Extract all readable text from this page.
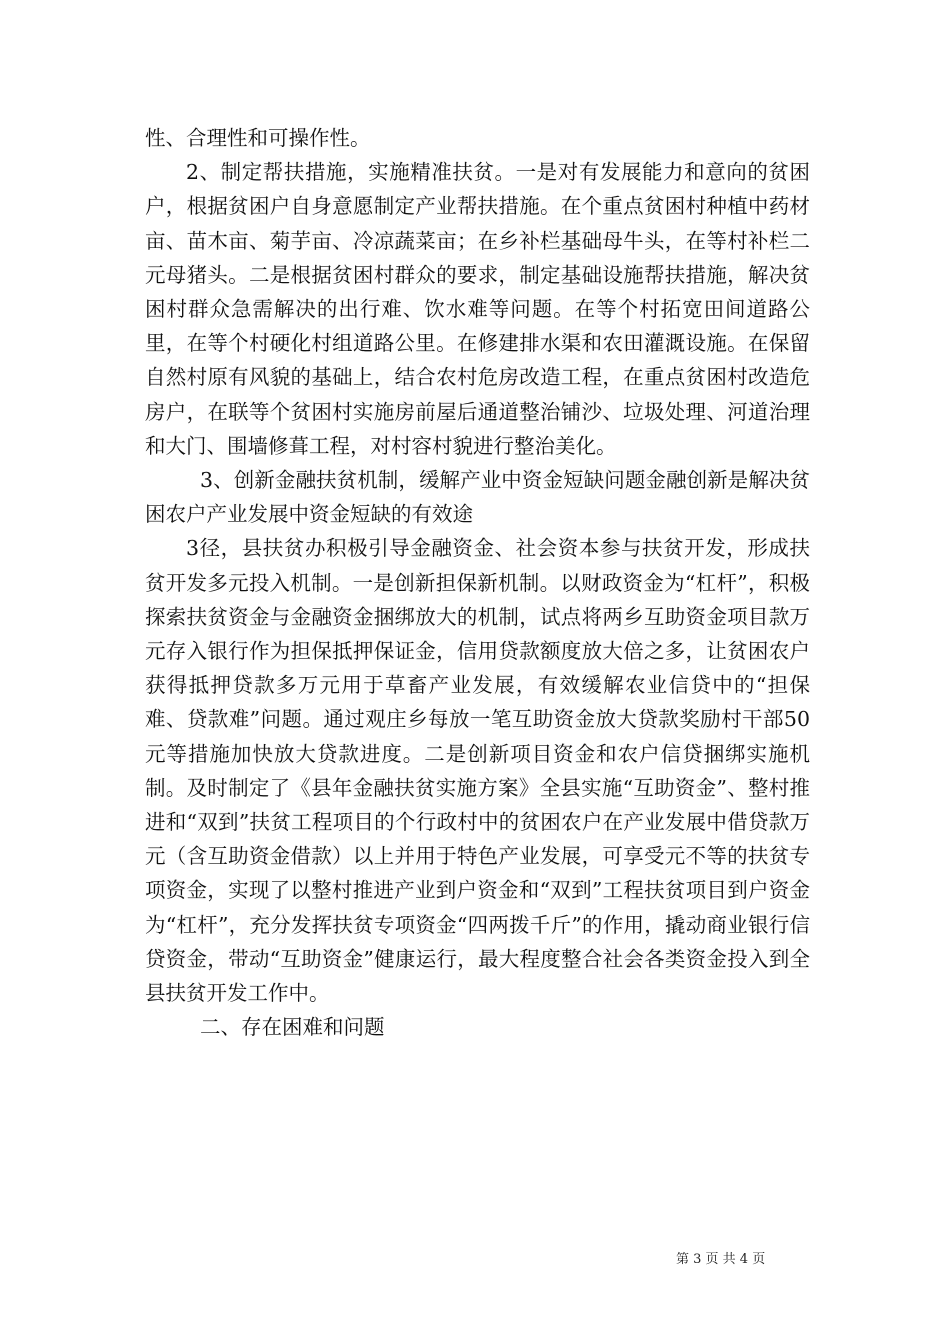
性、合理性和可操作性。

2、制定帮扶措施，实施精准扶贫。一是对有发展能力和意向的贫困户，根据贫困户自身意愿制定产业帮扶措施。在个重点贫困村种植中药材亩、苗木亩、菊芋亩、冷凉蔬菜亩；在乡补栏基础母牛头，在等村补栏二元母猪头。二是根据贫困村群众的要求，制定基础设施帮扶措施，解决贫困村群众急需解决的出行难、饮水难等问题。在等个村拓宽田间道路公里，在等个村硬化村组道路公里。在修建排水渠和农田灌溉设施。在保留自然村原有风貌的基础上，结合农村危房改造工程，在重点贫困村改造危房户，在联等个贫困村实施房前屋后通道整治铺沙、垃圾处理、河道治理和大门、围墙修葺工程，对村容村貌进行整治美化。

3、创新金融扶贫机制，缓解产业中资金短缺问题金融创新是解决贫困农户产业发展中资金短缺的有效途

3径，县扶贫办积极引导金融资金、社会资本参与扶贫开发，形成扶贫开发多元投入机制。一是创新担保新机制。以财政资金为“杠杆”，积极探索扶贫资金与金融资金捆绑放大的机制，试点将两乡互助资金项目款万元存入银行作为担保抵押保证金，信用贷款额度放大倍之多，让贫困农户获得抵押贷款多万元用于草畜产业发展，有效缓解农业信贷中的“担保难、贷款难”问题。通过观庄乡每放一笔互助资金放大贷款奖励村干部50元等措施加快放大贷款进度。二是创新项目资金和农户信贷捆绑实施机制。及时制定了《县年金融扶贫实施方案》全县实施“互助资金”、整村推进和“双到”扶贫工程项目的个行政村中的贫困农户在产业发展中借贷款万元（含互助资金借款）以上并用于特色产业发展，可享受元不等的扶贫专项资金，实现了以整村推进产业到户资金和“双到”工程扶贫项目到户资金为“杠杆”，充分发挥扶贫专项资金“四两拨千斤”的作用，撬动商业银行信贷资金，带动“互助资金”健康运行，最大程度整合社会各类资金投入到全县扶贫开发工作中。

二、存在困难和问题

第 3 页 共 4 页
